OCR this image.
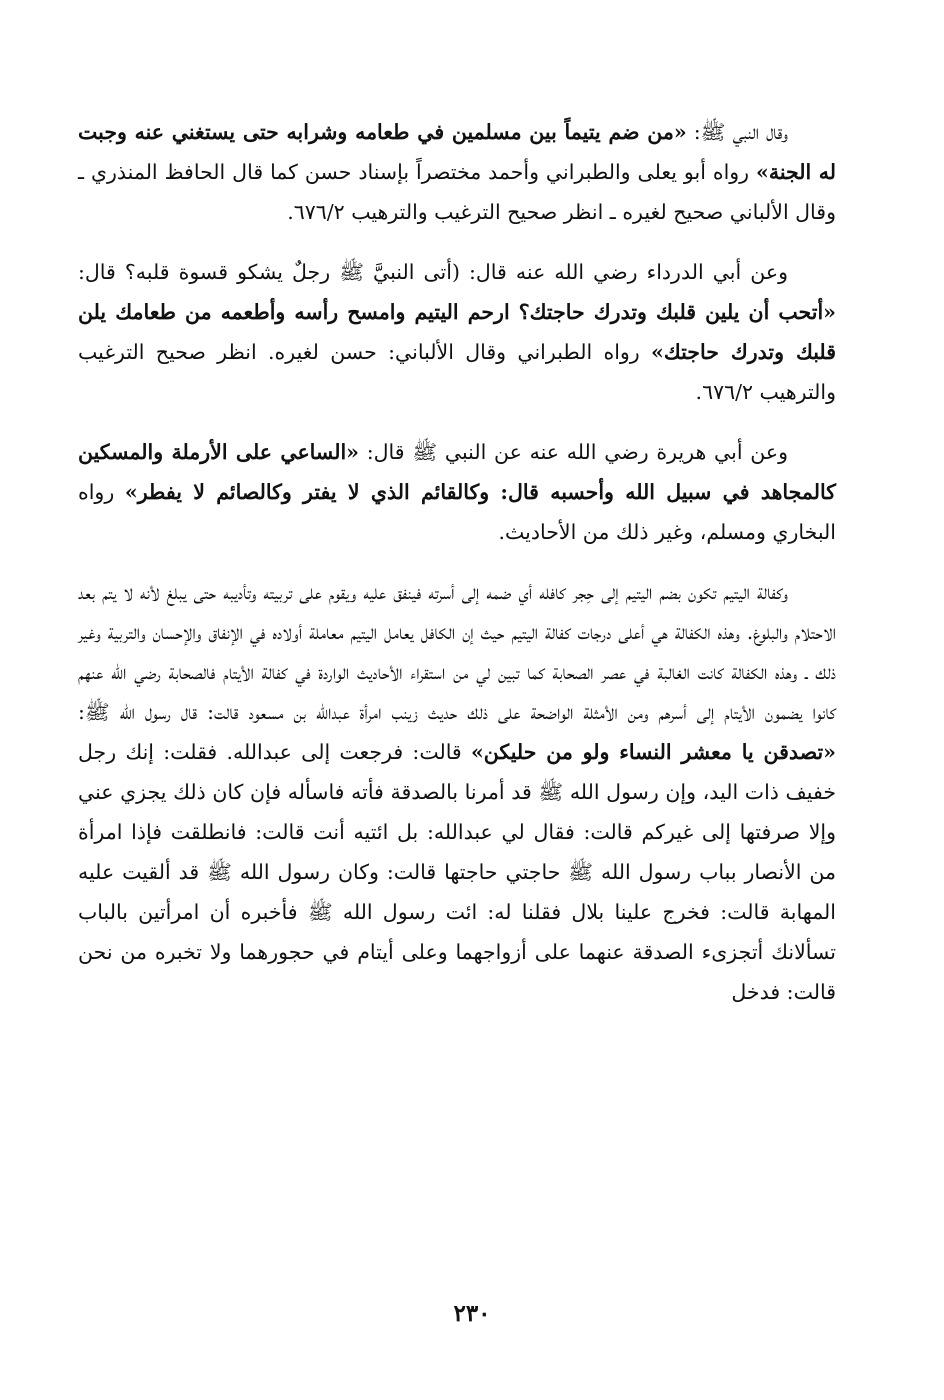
وقال النبي ﷺ: «من ضم يتيماً بين مسلمين في طعامه وشرابه حتى يستغني عنه وجبت له الجنة» رواه أبو يعلى والطبراني وأحمد مختصراً بإسناد حسن كما قال الحافظ المنذري ـ وقال الألباني صحيح لغيره ـ انظر صحيح الترغيب والترهيب ٦٧٦/٢.

وعن أبي الدرداء رضي الله عنه قال: (أتى النبيَّ ﷺ رجلٌ يشكو قسوة قلبه؟ قال: «أتحب أن يلين قلبك وتدرك حاجتك؟ ارحم اليتيم وامسح رأسه وأطعمه من طعامك يلن قلبك وتدرك حاجتك» رواه الطبراني وقال الألباني: حسن لغيره. انظر صحيح الترغيب والترهيب ٦٧٦/٢.

وعن أبي هريرة رضي الله عنه عن النبي ﷺ قال: «الساعي على الأرملة والمسكين كالمجاهد في سبيل الله وأحسبه قال: وكالقائم الذي لا يفتر وكالصائم لا يفطر» رواه البخاري ومسلم، وغير ذلك من الأحاديث.

وكفالة اليتيم تكون بضم اليتيم إلى حِجر كافله أي ضمه إلى أسرته فينفق عليه ويقوم على تربيته وتأديبه حتى يبلغ لأنه لا يتم بعد الاحتلام والبلوغ. وهذه الكفالة هي أعلى درجات كفالة اليتيم حيث إن الكافل يعامل اليتيم معاملة أولاده في الإنفاق والإحسان والتربية وغير ذلك ـ وهذه الكفالة كانت الغالبة في عصر الصحابة كما تبين لي من استقراء الأحاديث الواردة في كفالة الأيتام فالصحابة رضي الله عنهم كانوا يضمون الأيتام إلى أسرهم ومن الأمثلة الواضحة على ذلك حديث زينب امرأة عبدالله بن مسعود قالت: قال رسول الله ﷺ: «تصدقن يا معشر النساء ولو من حليكن» قالت: فرجعت إلى عبدالله. فقلت: إنك رجل خفيف ذات اليد، وإن رسول الله ﷺ قد أمرنا بالصدقة فأته فاسأله فإن كان ذلك يجزي عني وإلا صرفتها إلى غيركم قالت: فقال لي عبدالله: بل ائتيه أنت قالت: فانطلقت فإذا امرأة من الأنصار بباب رسول الله ﷺ حاجتي حاجتها قالت: وكان رسول الله ﷺ قد ألقيت عليه المهابة قالت: فخرج علينا بلال فقلنا له: ائت رسول الله ﷺ فأخبره أن امرأتين بالباب تسألانك أتجزىء الصدقة عنهما على أزواجهما وعلى أيتام في حجورهما ولا تخبره من نحن قالت: فدخل

٢٣٠
